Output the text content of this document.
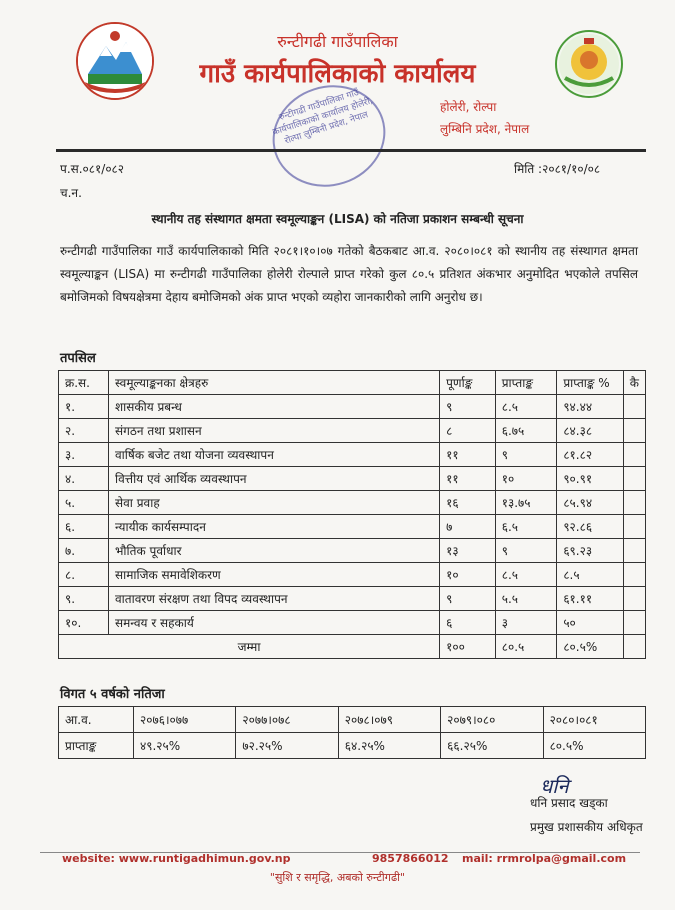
रुन्टीगढी गाउँपालिका
गाउँ कार्यपालिकाको कार्यालय
होलेरी, रोल्पा
लुम्बिनि प्रदेश, नेपाल
रुन्टीगढी गाउँपालिका गाउँ कार्यपालिकाको कार्यालय होलेरी, रोल्पा लुम्बिनी प्रदेश, नेपाल
प.स.०८१/०८२
च.न.
मिति :२०८१/१०/०८
स्थानीय तह संस्थागत क्षमता स्वमूल्याङ्कन (LISA) को नतिजा प्रकाशन सम्बन्धी सूचना
रुन्टीगढी गाउँपालिका गाउँ कार्यपालिकाको मिति २०८१।१०।०७ गतेको बैठकबाट आ.व. २०८०।०८१ को स्थानीय तह संस्थागत क्षमता स्वमूल्याङ्कन (LISA) मा रुन्टीगढी गाउँपालिका होलेरी रोल्पाले प्राप्त गरेको कुल ८०.५ प्रतिशत अंकभार अनुमोदित भएकोले तपसिल बमोजिमको विषयक्षेत्रमा देहाय बमोजिमको अंक प्राप्त भएको व्यहोरा जानकारीको लागि अनुरोध छ।
तपसिल
क्र.स.	स्वमूल्याङ्कनका क्षेत्रहरु	पूर्णाङ्क	प्राप्ताङ्क	प्राप्ताङ्क %	कै
१.	शासकीय प्रबन्ध	९	८.५	९४.४४	
२.	संगठन तथा प्रशासन	८	६.७५	८४.३८	
३.	वार्षिक बजेट तथा योजना व्यवस्थापन	११	९	८१.८२	
४.	वित्तीय एवं आर्थिक व्यवस्थापन	११	१०	९०.९१	
५.	सेवा प्रवाह	१६	१३.७५	८५.९४	
६.	न्यायीक कार्यसम्पादन	७	६.५	९२.८६	
७.	भौतिक पूर्वाधार	१३	९	६९.२३	
८.	सामाजिक समावेशिकरण	१०	८.५	८.५	
९.	वातावरण संरक्षण तथा विपद व्यवस्थापन	९	५.५	६१.११	
१०.	समन्वय र सहकार्य	६	३	५०	
जम्मा		१००	८०.५	८०.५%	
विगत ५ वर्षको नतिजा
आ.व.	२०७६।०७७	२०७७।०७८	२०७८।०७९	२०७९।०८०	२०८०।०८१
प्राप्ताङ्क	४९.२५%	७२.२५%	६४.२५%	६६.२५%	८०.५%
धनि
धनि प्रसाद खड्का
प्रमुख प्रशासकीय अधिकृत
website: www.runtigadhimun.gov.np	9857866012 mail: rrmrolpa@gmail.com
"सुशि र समृद्धि, अबको रुन्टीगढी"
